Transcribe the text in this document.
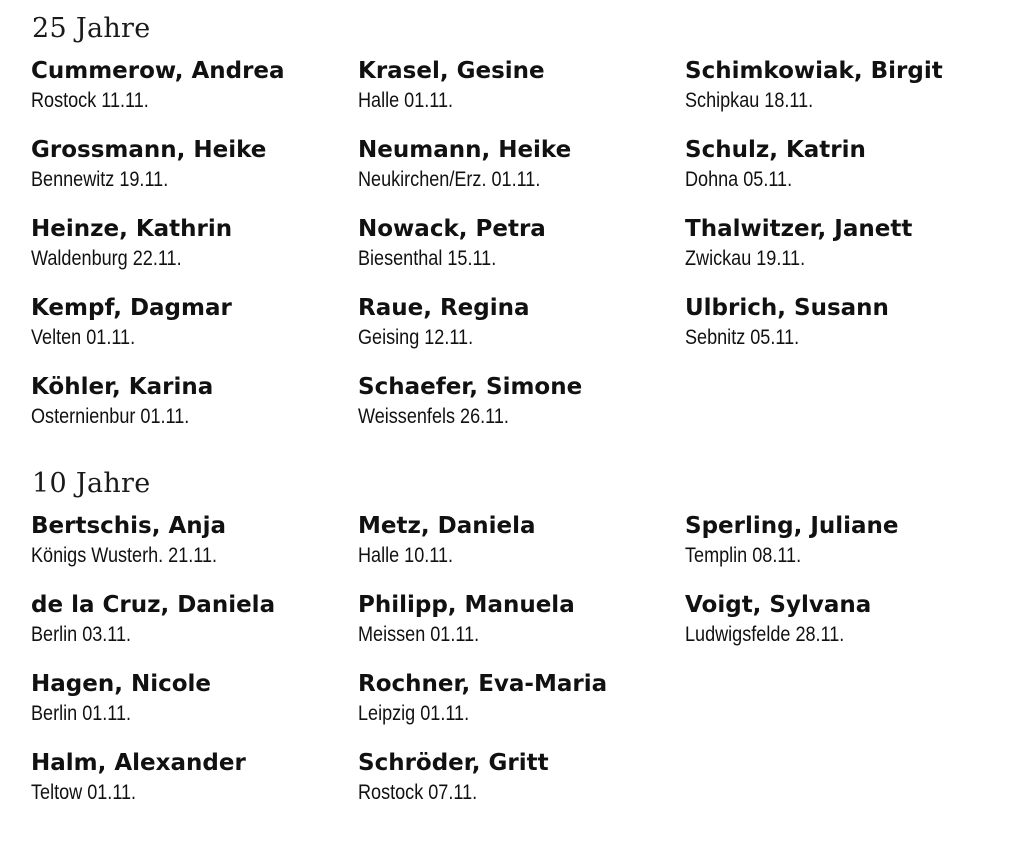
25 Jahre
Cummerow, Andrea
Rostock 11.11.
Grossmann, Heike
Bennewitz 19.11.
Heinze, Kathrin
Waldenburg 22.11.
Kempf, Dagmar
Velten 01.11.
Köhler, Karina
Osternienbur 01.11.
Krasel, Gesine
Halle 01.11.
Neumann, Heike
Neukirchen/Erz. 01.11.
Nowack, Petra
Biesenthal 15.11.
Raue, Regina
Geising 12.11.
Schaefer, Simone
Weissenfels 26.11.
Schimkowiak, Birgit
Schipkau 18.11.
Schulz, Katrin
Dohna 05.11.
Thalwitzer, Janett
Zwickau 19.11.
Ulbrich, Susann
Sebnitz 05.11.
10 Jahre
Bertschis, Anja
Königs Wusterh. 21.11.
de la Cruz, Daniela
Berlin 03.11.
Hagen, Nicole
Berlin 01.11.
Halm, Alexander
Teltow 01.11.
Metz, Daniela
Halle 10.11.
Philipp, Manuela
Meissen 01.11.
Rochner, Eva-Maria
Leipzig 01.11.
Schröder, Gritt
Rostock 07.11.
Sperling, Juliane
Templin 08.11.
Voigt, Sylvana
Ludwigsfelde 28.11.
